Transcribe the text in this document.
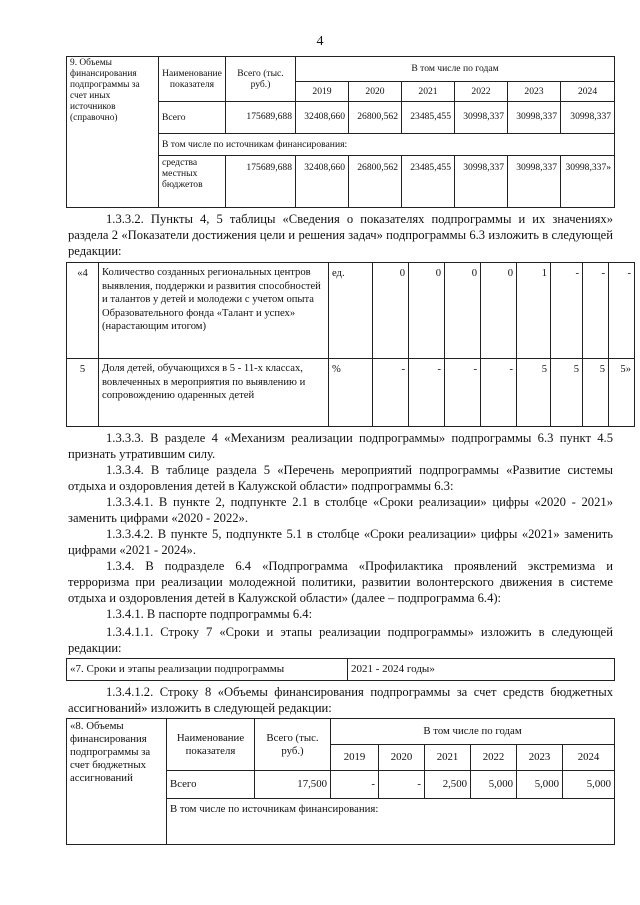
4
9. Объемы финансирования подпрограммы за счет иных источников (справочно)	Наименование показателя	Всего (тыс. руб.)	В том числе по годам					
			2019	2020	2021	2022	2023	2024
	Всего	175689,688	32408,660	26800,562	23485,455	30998,337	30998,337	30998,337
	В том числе по источникам финансирования:							
	средства местных бюджетов	175689,688	32408,660	26800,562	23485,455	30998,337	30998,337	30998,337»
1.3.3.2. Пункты 4, 5 таблицы «Сведения о показателях подпрограммы и их значениях» раздела 2 «Показатели достижения цели и решения задач» подпрограммы 6.3 изложить в следующей редакции:
«4	Количество созданных региональных центров выявления, поддержки и развития способностей и талантов у детей и молодежи с учетом опыта Образовательного фонда «Талант и успех» (нарастающим итогом)	ед.	0	0	0	0	1	-	-	-
5	Доля детей, обучающихся в 5 - 11-х классах, вовлеченных в мероприятия по выявлению и сопровождению одаренных детей	%	-	-	-	-	5	5	5	5»
1.3.3.3. В разделе 4 «Механизм реализации подпрограммы» подпрограммы 6.3 пункт 4.5 признать утратившим силу.
1.3.3.4. В таблице раздела 5 «Перечень мероприятий подпрограммы «Развитие системы отдыха и оздоровления детей в Калужской области» подпрограммы 6.3:
1.3.3.4.1. В пункте 2, подпункте 2.1 в столбце «Сроки реализации» цифры «2020 - 2021» заменить цифрами «2020 - 2022».
1.3.3.4.2. В пункте 5, подпункте 5.1 в столбце «Сроки реализации» цифры «2021» заменить цифрами «2021 - 2024».
1.3.4. В подразделе 6.4 «Подпрограмма «Профилактика проявлений экстремизма и терроризма при реализации молодежной политики, развитии волонтерского движения в системе отдыха и оздоровления детей в Калужской области» (далее – подпрограмма 6.4):
1.3.4.1. В паспорте подпрограммы 6.4:
1.3.4.1.1. Строку 7 «Сроки и этапы реализации подпрограммы» изложить в следующей редакции:
«7. Сроки и этапы реализации подпрограммы	2021 - 2024 годы»
1.3.4.1.2. Строку 8 «Объемы финансирования подпрограммы за счет средств бюджетных ассигнований» изложить в следующей редакции:
«8. Объемы финансирования подпрограммы за счет бюджетных ассигнований	Наименование показателя	Всего (тыс. руб.)	В том числе по годам					
			2019	2020	2021	2022	2023	2024
	Всего	17,500	-	-	2,500	5,000	5,000	5,000
	В том числе по источникам финансирования:							
